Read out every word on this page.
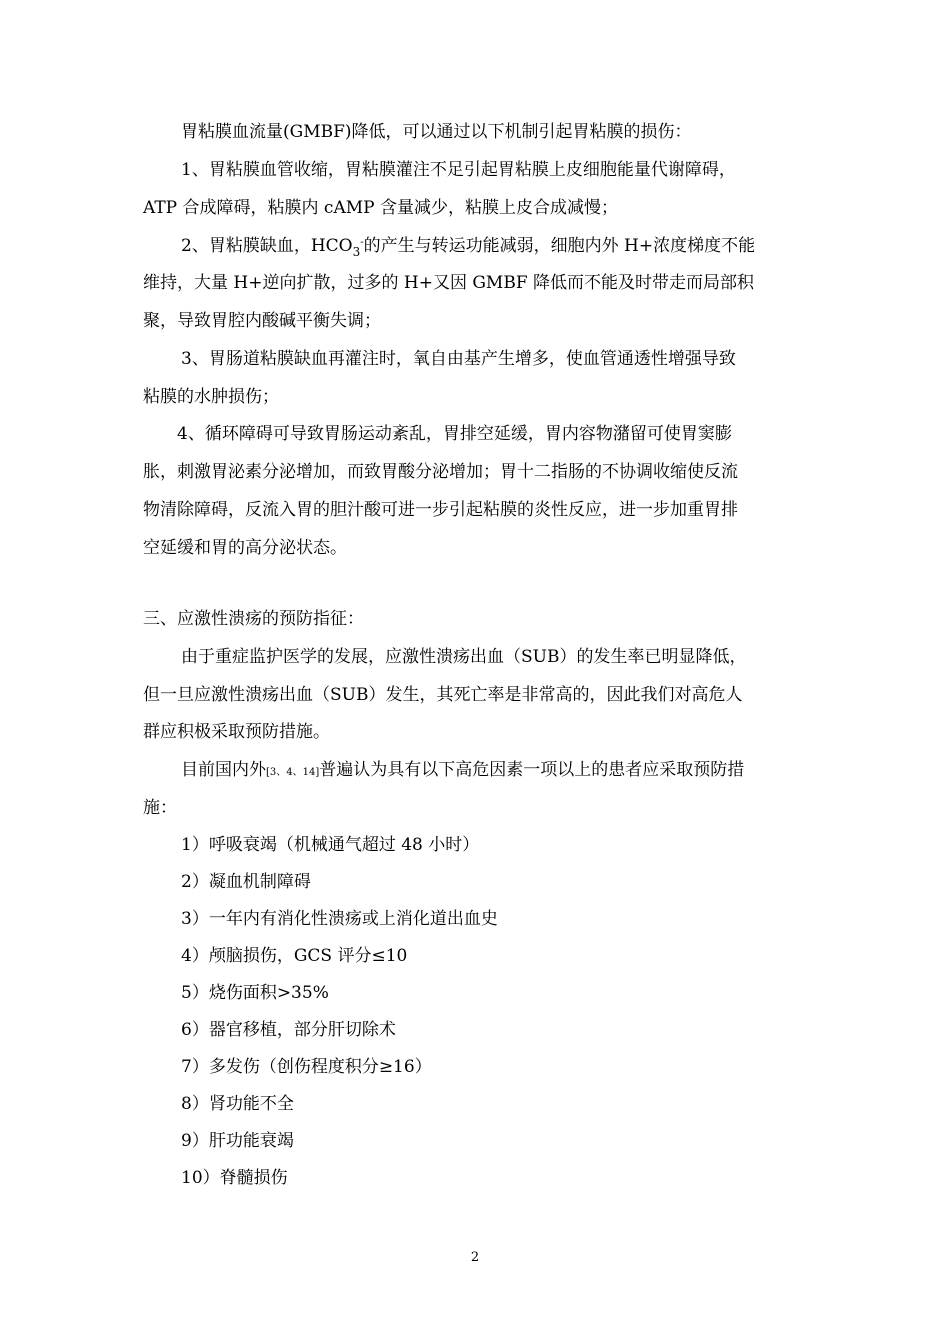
胃粘膜血流量(GMBF)降低，可以通过以下机制引起胃粘膜的损伤：
1、胃粘膜血管收缩，胃粘膜灌注不足引起胃粘膜上皮细胞能量代谢障碍，
ATP 合成障碍，粘膜内 cAMP 含量减少，粘膜上皮合成减慢；
2、胃粘膜缺血，$HCO_3^-$的产生与转运功能减弱，细胞内外 H+浓度梯度不能
维持，大量 H+逆向扩散，过多的 H+又因 GMBF 降低而不能及时带走而局部积
聚，导致胃腔内酸碱平衡失调；
3、胃肠道粘膜缺血再灌注时，氧自由基产生增多，使血管通透性增强导致
粘膜的水肿损伤；
4、循环障碍可导致胃肠运动紊乱，胃排空延缓，胃内容物潴留可使胃窦膨
胀，刺激胃泌素分泌增加，而致胃酸分泌增加；胃十二指肠的不协调收缩使反流
物清除障碍，反流入胃的胆汁酸可进一步引起粘膜的炎性反应，进一步加重胃排
空延缓和胃的高分泌状态。
三、应激性溃疡的预防指征：
由于重症监护医学的发展，应激性溃疡出血（SUB）的发生率已明显降低，
但一旦应激性溃疡出血（SUB）发生，其死亡率是非常高的，因此我们对高危人
群应积极采取预防措施。
目前国内外[3、4、14]普遍认为具有以下高危因素一项以上的患者应采取预防措
施：
1）呼吸衰竭（机械通气超过 48 小时）
2）凝血机制障碍
3）一年内有消化性溃疡或上消化道出血史
4）颅脑损伤，GCS 评分≤10
5）烧伤面积>35%
6）器官移植，部分肝切除术
7）多发伤（创伤程度积分≥16）
8）肾功能不全
9）肝功能衰竭
10）脊髓损伤
2
